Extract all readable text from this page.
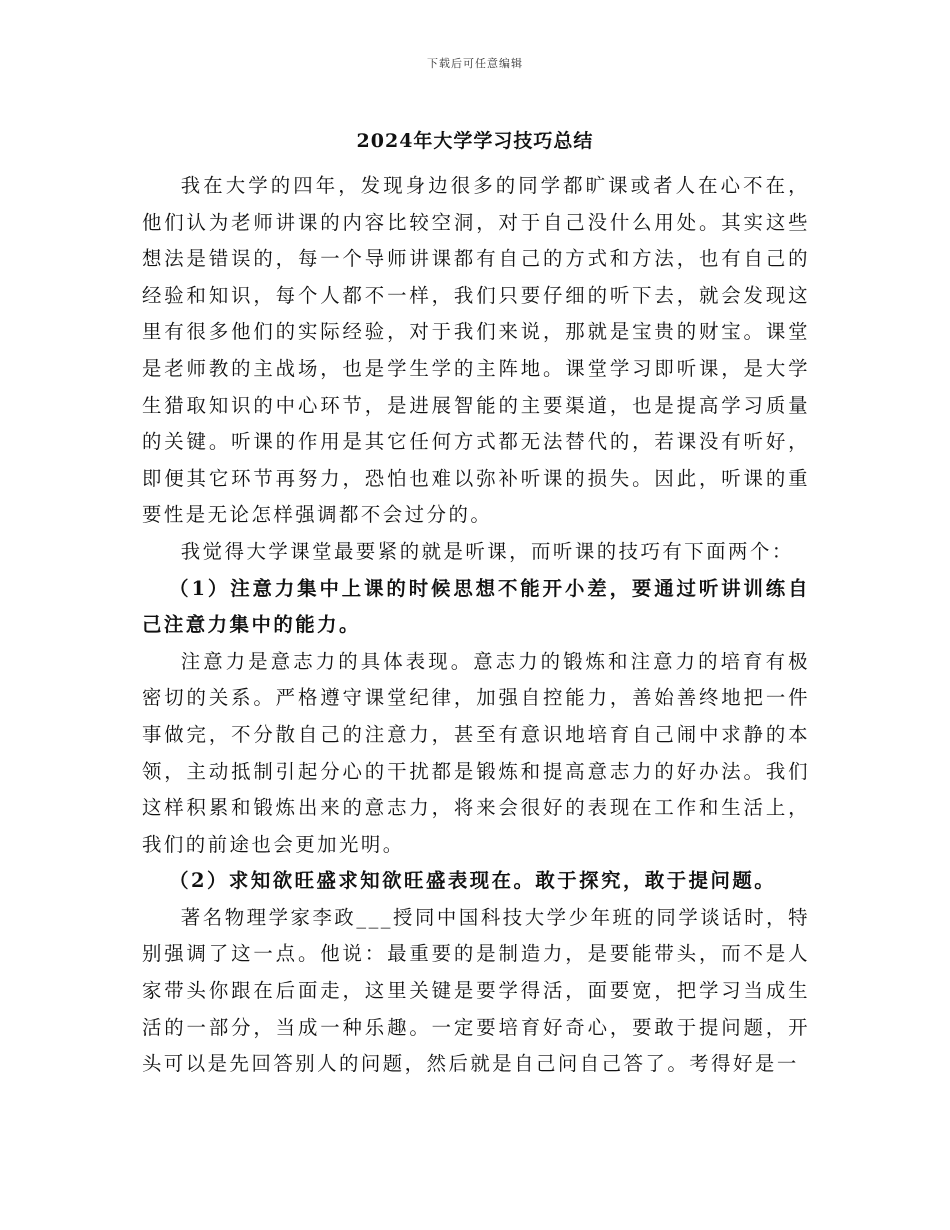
下载后可任意编辑
2024年大学学习技巧总结

我在大学的四年，发现身边很多的同学都旷课或者人在心不在，他们认为老师讲课的内容比较空洞，对于自己没什么用处。其实这些想法是错误的，每一个导师讲课都有自己的方式和方法，也有自己的经验和知识，每个人都不一样，我们只要仔细的听下去，就会发现这里有很多他们的实际经验，对于我们来说，那就是宝贵的财宝。课堂是老师教的主战场，也是学生学的主阵地。课堂学习即听课，是大学生猎取知识的中心环节，是进展智能的主要渠道，也是提高学习质量的关键。听课的作用是其它任何方式都无法替代的，若课没有听好，即便其它环节再努力，恐怕也难以弥补听课的损失。因此，听课的重要性是无论怎样强调都不会过分的。

我觉得大学课堂最要紧的就是听课，而听课的技巧有下面两个：

（1）注意力集中上课的时候思想不能开小差，要通过听讲训练自己注意力集中的能力。

注意力是意志力的具体表现。意志力的锻炼和注意力的培育有极密切的关系。严格遵守课堂纪律，加强自控能力，善始善终地把一件事做完，不分散自己的注意力，甚至有意识地培育自己闹中求静的本领，主动抵制引起分心的干扰都是锻炼和提高意志力的好办法。我们这样积累和锻炼出来的意志力，将来会很好的表现在工作和生活上，我们的前途也会更加光明。

（2）求知欲旺盛求知欲旺盛表现在。敢于探究，敢于提问题。

著名物理学家李政___授同中国科技大学少年班的同学谈话时，特别强调了这一点。他说：最重要的是制造力，是要能带头，而不是人家带头你跟在后面走，这里关键是要学得活，面要宽，把学习当成生活的一部分，当成一种乐趣。一定要培育好奇心，要敢于提问题，开头可以是先回答别人的问题，然后就是自己问自己答了。考得好是一
